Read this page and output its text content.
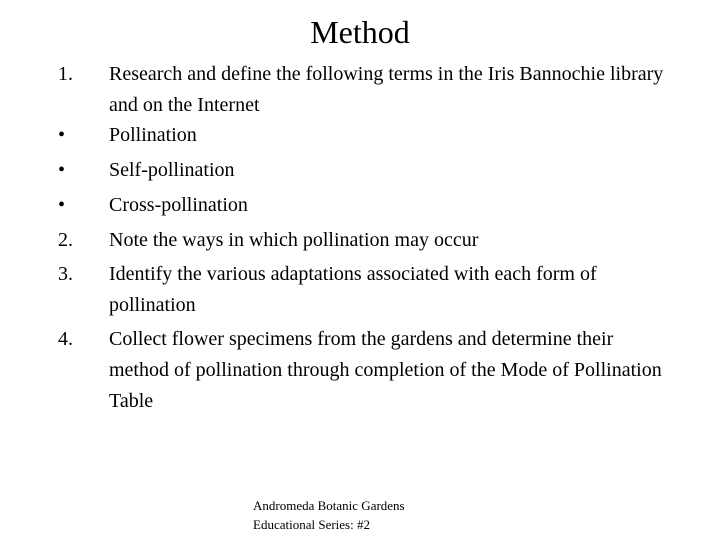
Method
1.	Research and define the following terms in the Iris Bannochie library and on the Internet
•	Pollination
•	Self-pollination
•	Cross-pollination
2.	Note the ways in which pollination may occur
3.	Identify the various adaptations associated with each form of pollination
4.	Collect flower specimens from the gardens and determine their method of pollination through completion of the Mode of Pollination Table
Andromeda Botanic Gardens
Educational Series: #2
